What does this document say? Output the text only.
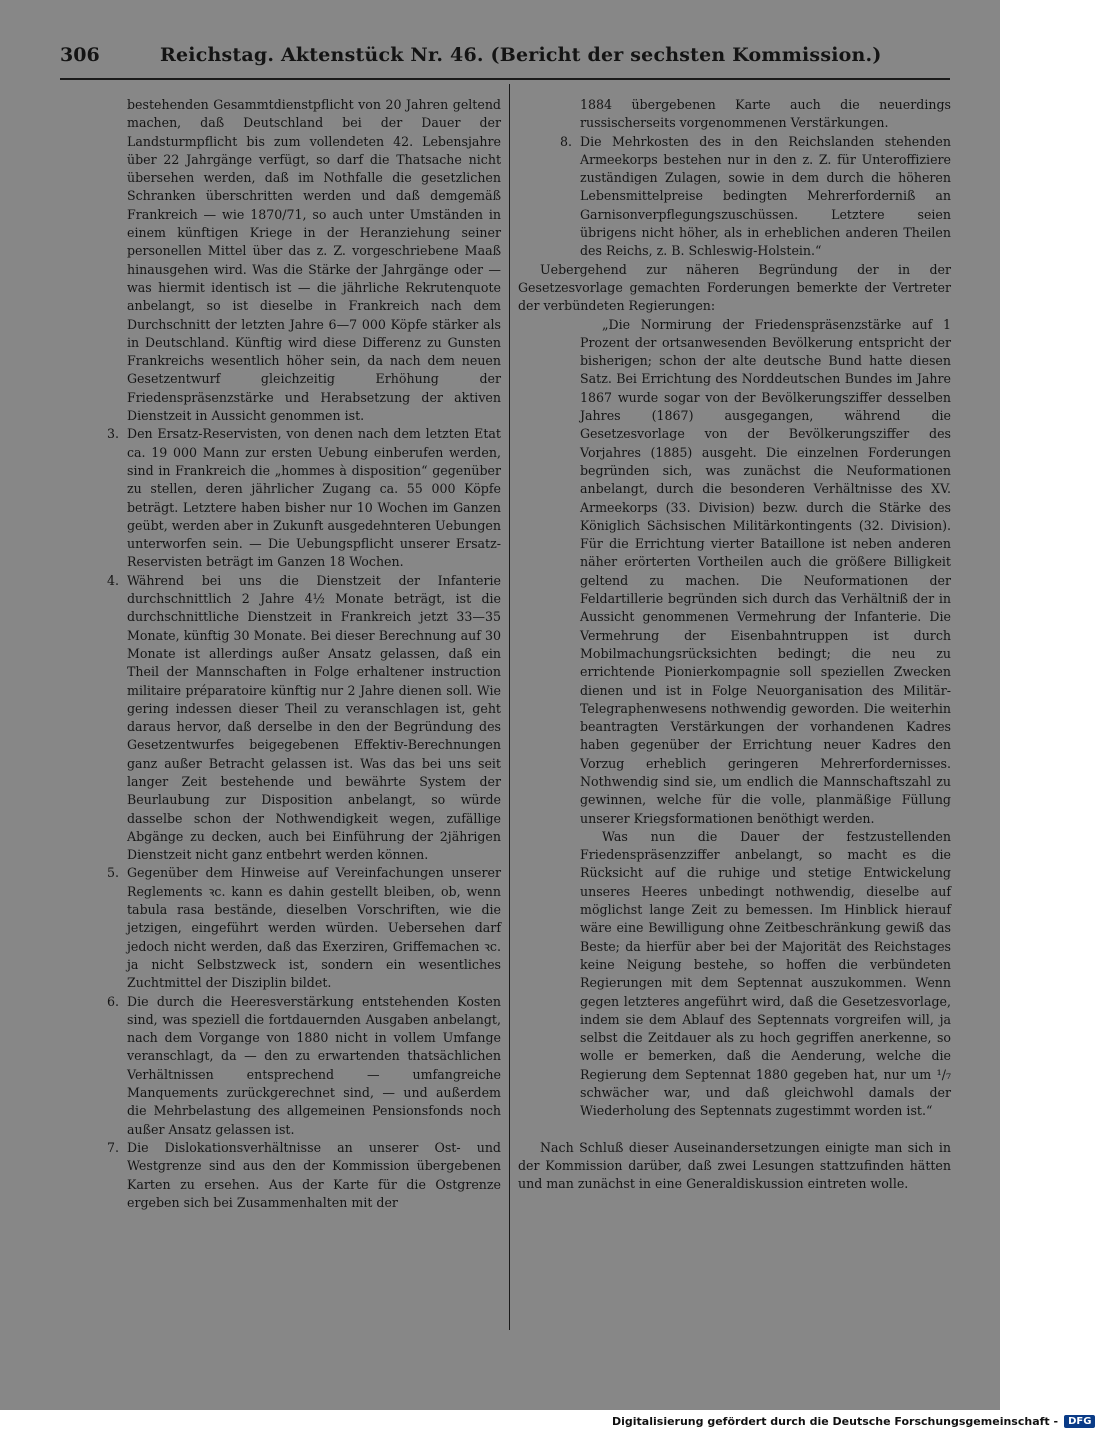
306	Reichstag. Aktenstück Nr. 46. (Bericht der sechsten Kommission.)

bestehenden Gesammtdienstpflicht von 20 Jahren geltend machen, daß Deutschland bei der Dauer der Landsturmpflicht bis zum vollendeten 42. Lebensjahre über 22 Jahrgänge verfügt, so darf die Thatsache nicht übersehen werden, daß im Nothfalle die gesetzlichen Schranken überschritten werden und daß demgemäß Frankreich — wie 1870/71, so auch unter Umständen in einem künftigen Kriege in der Heranziehung seiner personellen Mittel über das z. Z. vorgeschriebene Maaß hinausgehen wird. Was die Stärke der Jahrgänge oder — was hiermit identisch ist — die jährliche Rekrutenquote anbelangt, so ist dieselbe in Frankreich nach dem Durchschnitt der letzten Jahre 6—7 000 Köpfe stärker als in Deutschland. Künftig wird diese Differenz zu Gunsten Frankreichs wesentlich höher sein, da nach dem neuen Gesetzentwurf gleichzeitig Erhöhung der Friedenspräsenzstärke und Herabsetzung der aktiven Dienstzeit in Aussicht genommen ist.

3. Den Ersatz-Reservisten, von denen nach dem letzten Etat ca. 19 000 Mann zur ersten Uebung einberufen werden, sind in Frankreich die „hommes à disposition“ gegenüber zu stellen, deren jährlicher Zugang ca. 55 000 Köpfe beträgt. Letztere haben bisher nur 10 Wochen im Ganzen geübt, werden aber in Zukunft ausgedehnteren Uebungen unterworfen sein. — Die Uebungspflicht unserer Ersatz-Reservisten beträgt im Ganzen 18 Wochen.

4. Während bei uns die Dienstzeit der Infanterie durchschnittlich 2 Jahre 4½ Monate beträgt, ist die durchschnittliche Dienstzeit in Frankreich jetzt 33—35 Monate, künftig 30 Monate. Bei dieser Berechnung auf 30 Monate ist allerdings außer Ansatz gelassen, daß ein Theil der Mannschaften in Folge erhaltener instruction militaire préparatoire künftig nur 2 Jahre dienen soll. Wie gering indessen dieser Theil zu veranschlagen ist, geht daraus hervor, daß derselbe in den der Begründung des Gesetzentwurfes beigegebenen Effektiv-Berechnungen ganz außer Betracht gelassen ist. Was das bei uns seit langer Zeit bestehende und bewährte System der Beurlaubung zur Disposition anbelangt, so würde dasselbe schon der Nothwendigkeit wegen, zufällige Abgänge zu decken, auch bei Einführung der 2jährigen Dienstzeit nicht ganz entbehrt werden können.

5. Gegenüber dem Hinweise auf Vereinfachungen unserer Reglements ꝛc. kann es dahin gestellt bleiben, ob, wenn tabula rasa bestände, dieselben Vorschriften, wie die jetzigen, eingeführt werden würden. Uebersehen darf jedoch nicht werden, daß das Exerziren, Griffemachen ꝛc. ja nicht Selbstzweck ist, sondern ein wesentliches Zuchtmittel der Disziplin bildet.

6. Die durch die Heeresverstärkung entstehenden Kosten sind, was speziell die fortdauernden Ausgaben anbelangt, nach dem Vorgange von 1880 nicht in vollem Umfange veranschlagt, da — den zu erwartenden thatsächlichen Verhältnissen entsprechend — umfangreiche Manquements zurückgerechnet sind, — und außerdem die Mehrbelastung des allgemeinen Pensionsfonds noch außer Ansatz gelassen ist.

7. Die Dislokationsverhältnisse an unserer Ost- und Westgrenze sind aus den der Kommission übergebenen Karten zu ersehen. Aus der Karte für die Ostgrenze ergeben sich bei Zusammenhalten mit der

1884 übergebenen Karte auch die neuerdings russischerseits vorgenommenen Verstärkungen.

8. Die Mehrkosten des in den Reichslanden stehenden Armeekorps bestehen nur in den z. Z. für Unteroffiziere zuständigen Zulagen, sowie in dem durch die höheren Lebensmittelpreise bedingten Mehrerforderniß an Garnisonverpflegungszuschüssen. Letztere seien übrigens nicht höher, als in erheblichen anderen Theilen des Reichs, z. B. Schleswig-Holstein.“

Uebergehend zur näheren Begründung der in der Gesetzesvorlage gemachten Forderungen bemerkte der Vertreter der verbündeten Regierungen:

„Die Normirung der Friedenspräsenzstärke auf 1 Prozent der ortsanwesenden Bevölkerung entspricht der bisherigen; schon der alte deutsche Bund hatte diesen Satz. Bei Errichtung des Norddeutschen Bundes im Jahre 1867 wurde sogar von der Bevölkerungsziffer desselben Jahres (1867) ausgegangen, während die Gesetzesvorlage von der Bevölkerungsziffer des Vorjahres (1885) ausgeht. Die einzelnen Forderungen begründen sich, was zunächst die Neuformationen anbelangt, durch die besonderen Verhältnisse des XV. Armeekorps (33. Division) bezw. durch die Stärke des Königlich Sächsischen Militärkontingents (32. Division). Für die Errichtung vierter Bataillone ist neben anderen näher erörterten Vortheilen auch die größere Billigkeit geltend zu machen. Die Neuformationen der Feldartillerie begründen sich durch das Verhältniß der in Aussicht genommenen Vermehrung der Infanterie. Die Vermehrung der Eisenbahntruppen ist durch Mobilmachungsrücksichten bedingt; die neu zu errichtende Pionierkompagnie soll speziellen Zwecken dienen und ist in Folge Neuorganisation des Militär-Telegraphenwesens nothwendig geworden. Die weiterhin beantragten Verstärkungen der vorhandenen Kadres haben gegenüber der Errichtung neuer Kadres den Vorzug erheblich geringeren Mehrerfordernisses. Nothwendig sind sie, um endlich die Mannschaftszahl zu gewinnen, welche für die volle, planmäßige Füllung unserer Kriegsformationen benöthigt werden.

Was nun die Dauer der festzustellenden Friedenspräsenzziffer anbelangt, so macht es die Rücksicht auf die ruhige und stetige Entwickelung unseres Heeres unbedingt nothwendig, dieselbe auf möglichst lange Zeit zu bemessen. Im Hinblick hierauf wäre eine Bewilligung ohne Zeitbeschränkung gewiß das Beste; da hierfür aber bei der Majorität des Reichstages keine Neigung bestehe, so hoffen die verbündeten Regierungen mit dem Septennat auszukommen. Wenn gegen letzteres angeführt wird, daß die Gesetzesvorlage, indem sie dem Ablauf des Septennats vorgreifen will, ja selbst die Zeitdauer als zu hoch gegriffen anerkenne, so wolle er bemerken, daß die Aenderung, welche die Regierung dem Septennat 1880 gegeben hat, nur um ¹/₇ schwächer war, und daß gleichwohl damals der Wiederholung des Septennats zugestimmt worden ist.“

Nach Schluß dieser Auseinandersetzungen einigte man sich in der Kommission darüber, daß zwei Lesungen stattzufinden hätten und man zunächst in eine Generaldiskussion eintreten wolle.

Digitalisierung gefördert durch die Deutsche Forschungsgemeinschaft -	DFG
